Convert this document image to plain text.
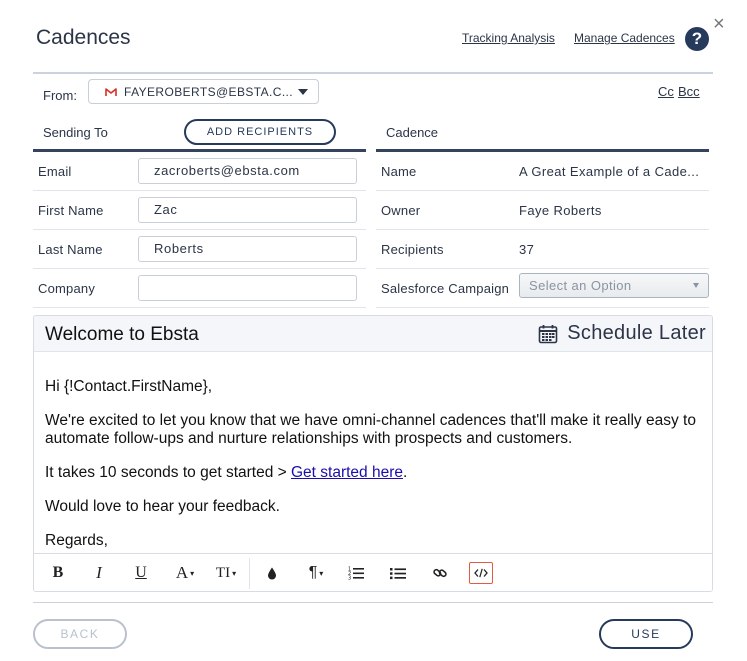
Cadences	Tracking Analysis Manage Cadences	?
×
From:	FAYEROBERTS@EBSTA.C...	Cc Bcc
Sending To	ADD RECIPIENTS	Cadence
Email	zacroberts@ebsta.com
First Name	Zac
Last Name	Roberts
Company
Name	A Great Example of a Cade...
Owner	Faye Roberts
Recipients	37
Salesforce Campaign	Select an Option
Welcome to Ebsta	Schedule Later

Hi {!Contact.FirstName},

We're excited to let you know that we have omni-channel cadences that'll make it really easy to automate follow-ups and nurture relationships with prospects and customers.

It takes 10 seconds to get started > Get started here.

Would love to hear your feedback.

Regards,

B	I	U A ▾ TI ▾	¶ ▾	1
2
3
BACK	USE
